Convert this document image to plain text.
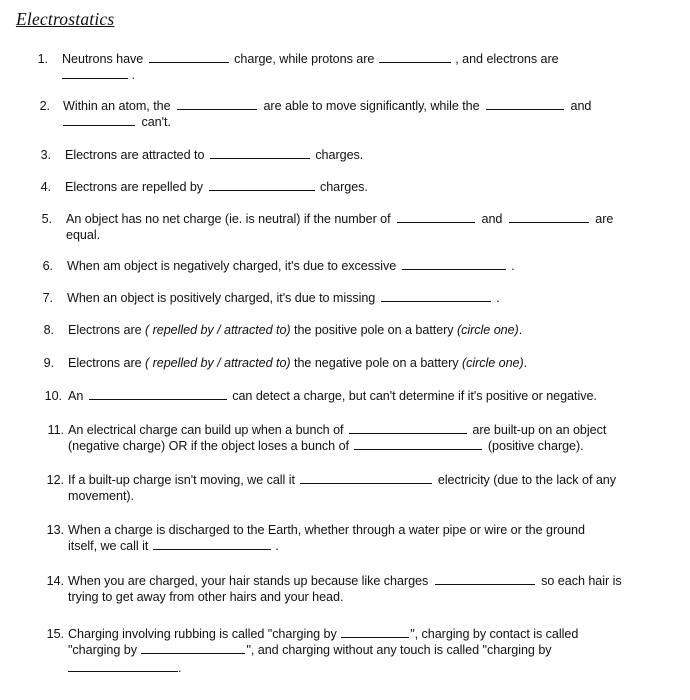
Electrostatics
1. Neutrons have	charge, while protons are	, and electrons are
.
2. Within an atom, the	are able to move significantly, while the	and
can't.
3. Electrons are attracted to	charges.
4. Electrons are repelled by	charges.
5. An object has no net charge (ie. is neutral) if the number of	and	are
equal.
6. When am object is negatively charged, it's due to excessive	.
7. When an object is positively charged, it's due to missing	.
8. Electrons are ( repelled by / attracted to) the positive pole on a battery (circle one).
9. Electrons are ( repelled by / attracted to) the negative pole on a battery (circle one).
10. An	can detect a charge, but can't determine if it's positive or negative.
11. An electrical charge can build up when a bunch of	are built-up on an object
(negative charge) OR if the object loses a bunch of	(positive charge).
12. If a built-up charge isn't moving, we call it	electricity (due to the lack of any
movement).
13. When a charge is discharged to the Earth, whether through a water pipe or wire or the ground
itself, we call it	.
14. When you are charged, your hair stands up because like charges	so each hair is
trying to get away from other hairs and your head.
15. Charging involving rubbing is called "charging by	", charging by contact is called
"charging by	", and charging without any touch is called "charging by
.
